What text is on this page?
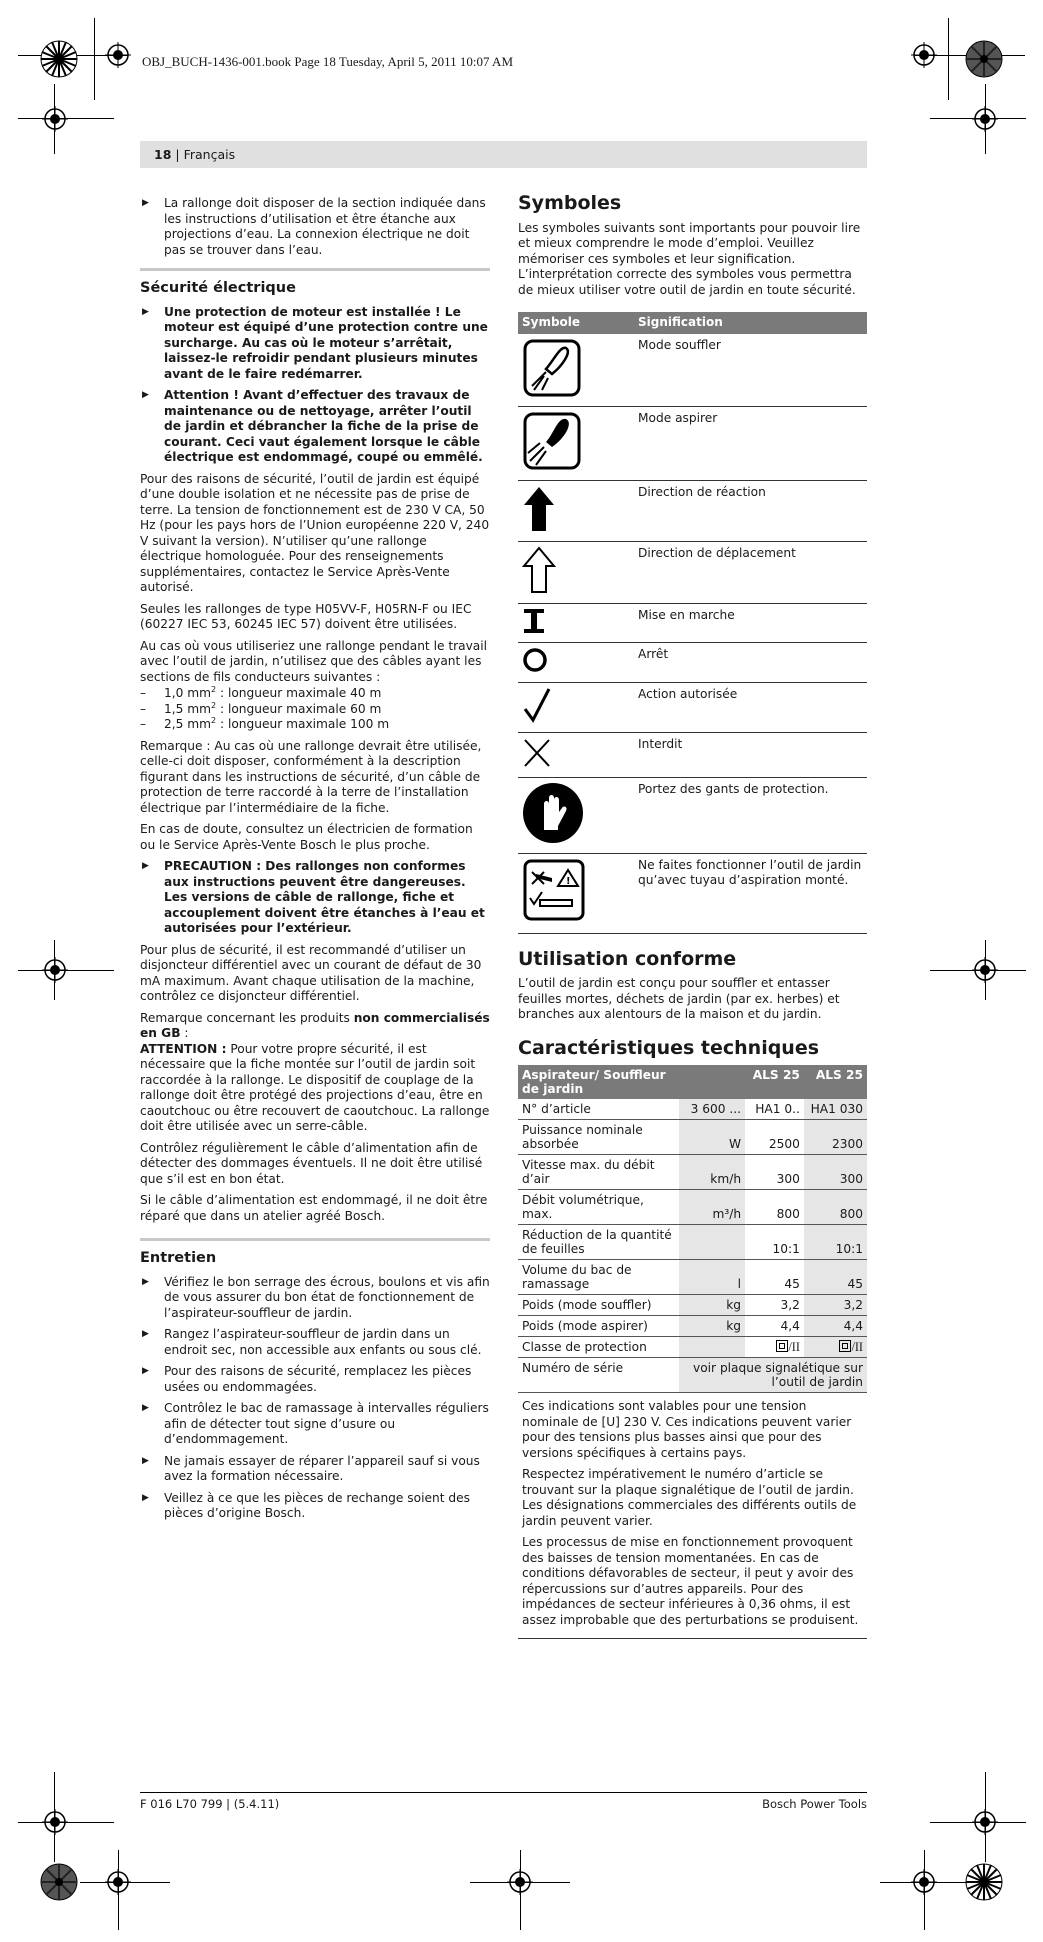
OBJ_BUCH-1436-001.book Page 18 Tuesday, April 5, 2011 10:07 AM
18 | Français
▶ La rallonge doit disposer de la section indiquée dans les instructions d’utilisation et être étanche aux projections d’eau. La connexion électrique ne doit pas se trouver dans l’eau.
Sécurité électrique
▶ Une protection de moteur est installée ! Le moteur est équipé d’une protection contre une surcharge. Au cas où le moteur s’arrêtait, laissez-le refroidir pendant plusieurs minutes avant de le faire redémarrer.
▶ Attention ! Avant d’effectuer des travaux de maintenance ou de nettoyage, arrêter l’outil de jardin et débrancher la fiche de la prise de courant. Ceci vaut également lorsque le câble électrique est endommagé, coupé ou emmêlé.

Pour des raisons de sécurité, l’outil de jardin est équipé d’une double isolation et ne nécessite pas de prise de terre. La tension de fonctionnement est de 230 V CA, 50 Hz (pour les pays hors de l’Union européenne 220 V, 240 V suivant la version). N’utiliser qu’une rallonge électrique homologuée. Pour des renseignements supplémentaires, contactez le Service Après-Vente autorisé.

Seules les rallonges de type H05VV-F, H05RN-F ou IEC (60227 IEC 53, 60245 IEC 57) doivent être utilisées.

Au cas où vous utiliseriez une rallonge pendant le travail avec l’outil de jardin, n’utilisez que des câbles ayant les sections de fils conducteurs suivantes :

– 1,0 $mm^2$ : longueur maximale 40 m
– 1,5 $mm^2$ : longueur maximale 60 m
– 2,5 $mm^2$ : longueur maximale 100 m

Remarque : Au cas où une rallonge devrait être utilisée, celle-ci doit disposer, conformément à la description figurant dans les instructions de sécurité, d’un câble de protection de terre raccordé à la terre de l’installation électrique par l’intermédiaire de la fiche.

En cas de doute, consultez un électricien de formation ou le Service Après-Vente Bosch le plus proche.

▶ PRECAUTION : Des rallonges non conformes aux instructions peuvent être dangereuses. Les versions de câble de rallonge, fiche et accouplement doivent être étanches à l’eau et autorisées pour l’extérieur.

Pour plus de sécurité, il est recommandé d’utiliser un disjoncteur différentiel avec un courant de défaut de 30 mA maximum. Avant chaque utilisation de la machine, contrôlez ce disjoncteur différentiel.

Remarque concernant les produits non commercialisés en GB :

ATTENTION : Pour votre propre sécurité, il est nécessaire que la fiche montée sur l’outil de jardin soit raccordée à la rallonge. Le dispositif de couplage de la rallonge doit être protégé des projections d’eau, être en caoutchouc ou être recouvert de caoutchouc. La rallonge doit être utilisée avec un serre-câble.

Contrôlez régulièrement le câble d’alimentation afin de détecter des dommages éventuels. Il ne doit être utilisé que s’il est en bon état.

Si le câble d’alimentation est endommagé, il ne doit être réparé que dans un atelier agréé Bosch.

Entretien
▶ Vérifiez le bon serrage des écrous, boulons et vis afin de vous assurer du bon état de fonctionnement de l’aspirateur-souffleur de jardin.
▶ Rangez l’aspirateur-souffleur de jardin dans un endroit sec, non accessible aux enfants ou sous clé.
▶ Pour des raisons de sécurité, remplacez les pièces usées ou endommagées.
▶ Contrôlez le bac de ramassage à intervalles réguliers afin de détecter tout signe d’usure ou d’endommagement.
▶ Ne jamais essayer de réparer l’appareil sauf si vous avez la formation nécessaire.
▶ Veillez à ce que les pièces de rechange soient des pièces d’origine Bosch.
Symboles

Les symboles suivants sont importants pour pouvoir lire et mieux comprendre le mode d’emploi. Veuillez mémoriser ces symboles et leur signification. L’interprétation correcte des symboles vous permettra de mieux utiliser votre outil de jardin en toute sécurité.

Symbole	Signification
	Mode souffler
	Mode aspirer
	Direction de réaction
	Direction de déplacement
	Mise en marche
	Arrêt
	Action autorisée
	Interdit
	Portez des gants de protection.

!	Ne faites fonctionner l’outil de jardin qu’avec tuyau d’aspiration monté.
Utilisation conforme

L’outil de jardin est conçu pour souffler et entasser feuilles mortes, déchets de jardin (par ex. herbes) et branches aux alentours de la maison et du jardin.

Caractéristiques techniques
Aspirateur/ Souffleur de jardin		ALS 25	ALS 25
N° d’article	3 600 ...	HA1 0..	HA1 030
Puissance nominale absorbée	W	2500	2300
Vitesse max. du débit d’air	km/h	300	300
Débit volumétrique, max.	m³/h	800	800
Réduction de la quantité de feuilles		10:1	10:1
Volume du bac de ramassage	l	45	45
Poids (mode souffler)	kg	3,2	3,2
Poids (mode aspirer)	kg	4,4	4,4
Classe de protection		/II	/II
Numéro de série	voir plaque signalétique sur l’outil de jardin		

Ces indications sont valables pour une tension nominale de [U] 230 V. Ces indications peuvent varier pour des tensions plus basses ainsi que pour des versions spécifiques à certains pays.

Respectez impérativement le numéro d’article se trouvant sur la plaque signalétique de l’outil de jardin. Les désignations commerciales des différents outils de jardin peuvent varier.

Les processus de mise en fonctionnement provoquent des baisses de tension momentanées. En cas de conditions défavorables de secteur, il peut y avoir des répercussions sur d’autres appareils. Pour des impédances de secteur inférieures à 0,36 ohms, il est assez improbable que des perturbations se produisent.

F 016 L70 799 | (5.4.11)	Bosch Power Tools
